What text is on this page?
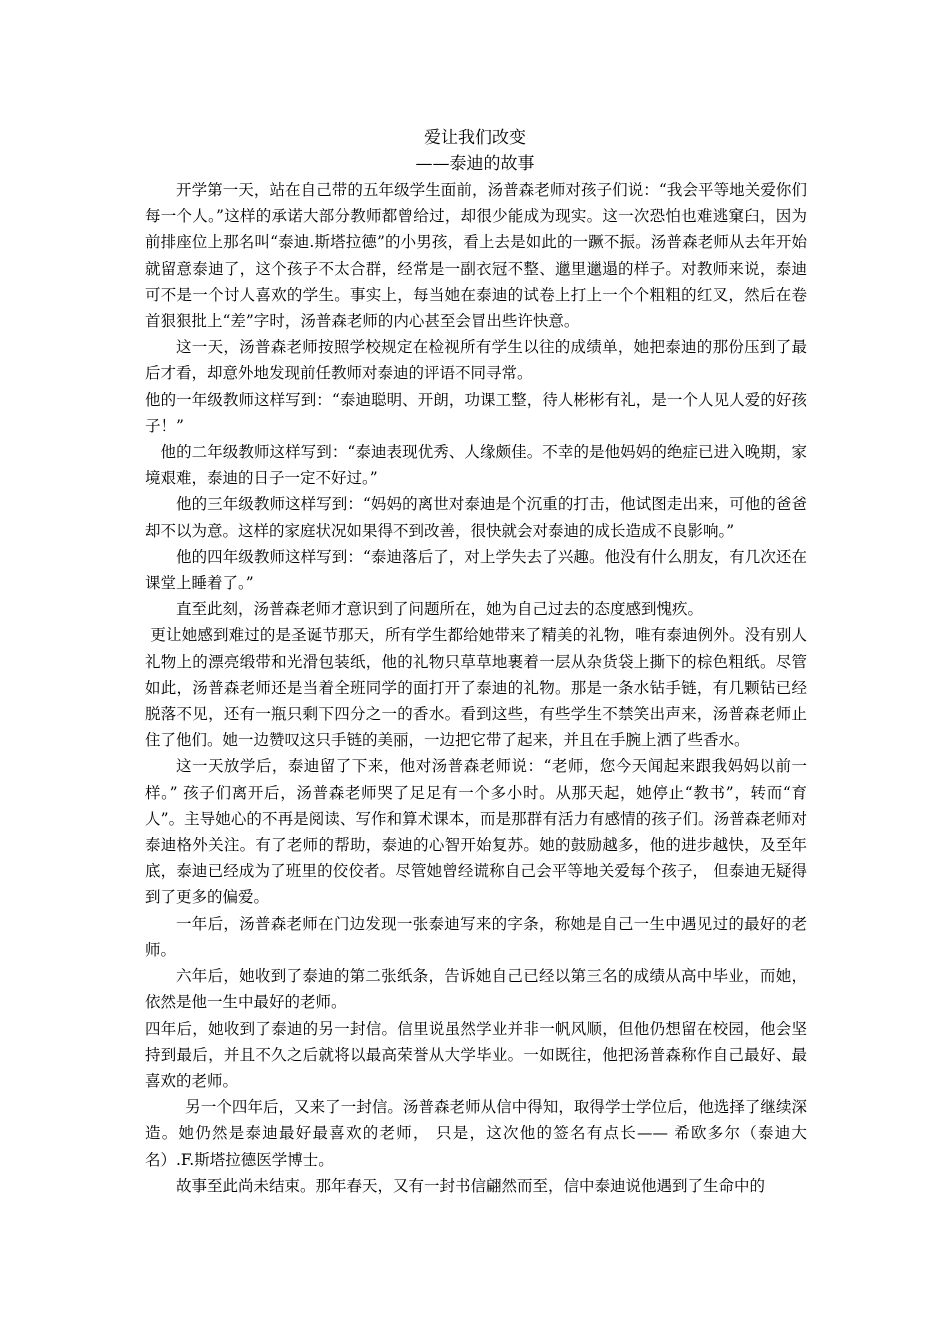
爱让我们改变
——泰迪的故事

开学第一天，站在自己带的五年级学生面前，汤普森老师对孩子们说：“我会平等地关爱你们每一个人。”这样的承诺大部分教师都曾给过，却很少能成为现实。这一次恐怕也难逃窠臼，因为前排座位上那名叫“泰迪.斯塔拉德”的小男孩，看上去是如此的一蹶不振。汤普森老师从去年开始就留意泰迪了，这个孩子不太合群，经常是一副衣冠不整、邋里邋遢的样子。对教师来说，泰迪可不是一个讨人喜欢的学生。事实上，每当她在泰迪的试卷上打上一个个粗粗的红叉，然后在卷首狠狠批上“差”字时，汤普森老师的内心甚至会冒出些许快意。

这一天，汤普森老师按照学校规定在检视所有学生以往的成绩单，她把泰迪的那份压到了最后才看，却意外地发现前任教师对泰迪的评语不同寻常。

他的一年级教师这样写到：“泰迪聪明、开朗，功课工整，待人彬彬有礼，是一个人见人爱的好孩子！”

他的二年级教师这样写到：“泰迪表现优秀、人缘颇佳。不幸的是他妈妈的绝症已进入晚期，家境艰难，泰迪的日子一定不好过。”

他的三年级教师这样写到：“妈妈的离世对泰迪是个沉重的打击，他试图走出来，可他的爸爸却不以为意。这样的家庭状况如果得不到改善，很快就会对泰迪的成长造成不良影响。”

他的四年级教师这样写到：“泰迪落后了，对上学失去了兴趣。他没有什么朋友，有几次还在课堂上睡着了。”

直至此刻，汤普森老师才意识到了问题所在，她为自己过去的态度感到愧疚。

更让她感到难过的是圣诞节那天，所有学生都给她带来了精美的礼物，唯有泰迪例外。没有别人礼物上的漂亮缎带和光滑包装纸，他的礼物只草草地裹着一层从杂货袋上撕下的棕色粗纸。尽管如此，汤普森老师还是当着全班同学的面打开了泰迪的礼物。那是一条水钻手链，有几颗钻已经脱落不见，还有一瓶只剩下四分之一的香水。看到这些，有些学生不禁笑出声来，汤普森老师止住了他们。她一边赞叹这只手链的美丽，一边把它带了起来，并且在手腕上洒了些香水。

这一天放学后，泰迪留了下来，他对汤普森老师说：“老师，您今天闻起来跟我妈妈以前一样。” 孩子们离开后，汤普森老师哭了足足有一个多小时。从那天起，她停止“教书”，转而“育人”。主导她心的不再是阅读、写作和算术课本，而是那群有活力有感情的孩子们。汤普森老师对泰迪格外关注。有了老师的帮助，泰迪的心智开始复苏。她的鼓励越多，他的进步越快，及至年底，泰迪已经成为了班里的佼佼者。尽管她曾经谎称自己会平等地关爱每个孩子， 但泰迪无疑得到了更多的偏爱。

一年后，汤普森老师在门边发现一张泰迪写来的字条，称她是自己一生中遇见过的最好的老师。

六年后，她收到了泰迪的第二张纸条，告诉她自己已经以第三名的成绩从高中毕业，而她，依然是他一生中最好的老师。

四年后，她收到了泰迪的另一封信。信里说虽然学业并非一帆风顺，但他仍想留在校园，他会坚持到最后，并且不久之后就将以最高荣誉从大学毕业。一如既往，他把汤普森称作自己最好、最喜欢的老师。

另一个四年后，又来了一封信。汤普森老师从信中得知，取得学士学位后，他选择了继续深造。她仍然是泰迪最好最喜欢的老师， 只是，这次他的签名有点长—— 希欧多尔（泰迪大名）.F.斯塔拉德医学博士。

故事至此尚未结束。那年春天，又有一封书信翩然而至，信中泰迪说他遇到了生命中的
